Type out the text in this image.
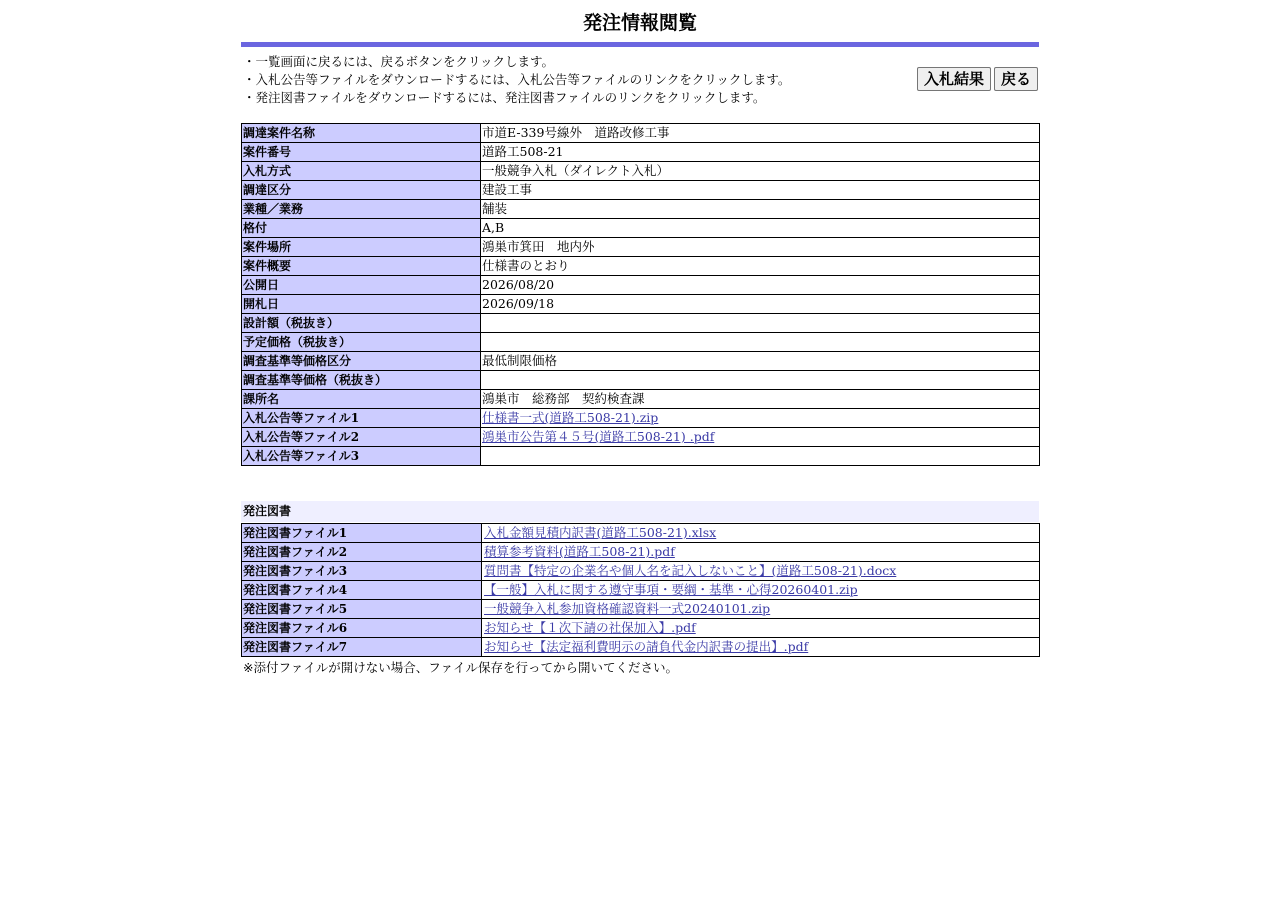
発注情報閲覧
・一覧画面に戻るには、戻るボタンをクリックします。
・入札公告等ファイルをダウンロードするには、入札公告等ファイルのリンクをクリックします。
・発注図書ファイルをダウンロードするには、発注図書ファイルのリンクをクリックします。
入札結果	戻る
調達案件名称	市道E-339号線外　道路改修工事
案件番号	道路工508-21
入札方式	一般競争入札（ダイレクト入札）
調達区分	建設工事
業種／業務	舗装
格付	A,B
案件場所	鴻巣市箕田　地内外
案件概要	仕様書のとおり
公開日	2026/08/20
開札日	2026/09/18
設計額（税抜き）	
予定価格（税抜き）	
調査基準等価格区分	最低制限価格
調査基準等価格（税抜き）	
課所名	鴻巣市　総務部　契約検査課
入札公告等ファイル1	仕様書一式(道路工508-21).zip
入札公告等ファイル2	鴻巣市公告第４５号(道路工508-21) .pdf
入札公告等ファイル3	
発注図書
発注図書ファイル1	入札金額見積内訳書(道路工508-21).xlsx
発注図書ファイル2	積算参考資料(道路工508-21).pdf
発注図書ファイル3	質問書【特定の企業名や個人名を記入しないこと】(道路工508-21).docx
発注図書ファイル4	【一般】入札に関する遵守事項・要綱・基準・心得20260401.zip
発注図書ファイル5	一般競争入札参加資格確認資料一式20240101.zip
発注図書ファイル6	お知らせ【１次下請の社保加入】.pdf
発注図書ファイル7	お知らせ【法定福利費明示の請負代金内訳書の提出】.pdf
※添付ファイルが開けない場合、ファイル保存を行ってから開いてください。
